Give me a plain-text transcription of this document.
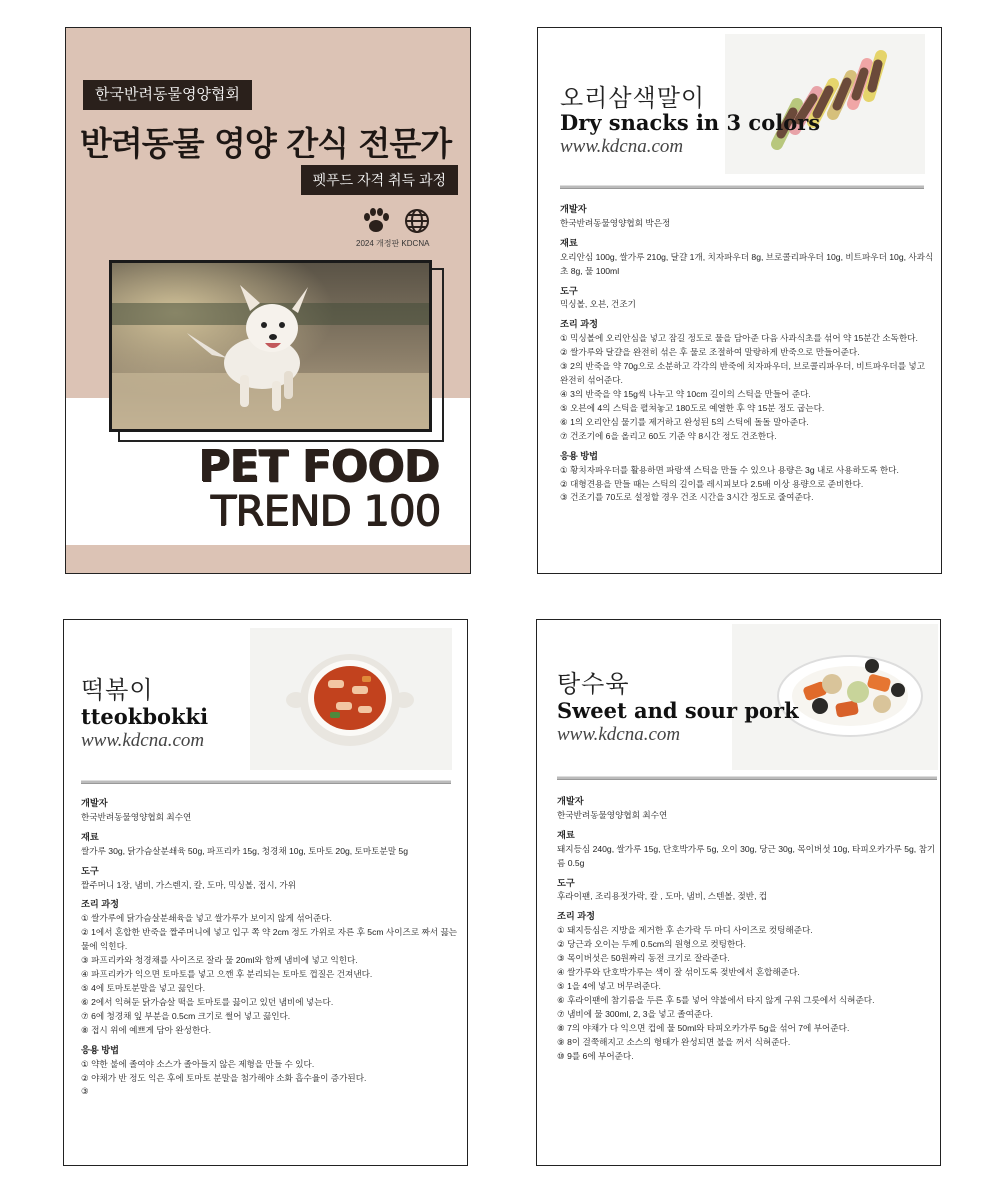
한국반려동물영양협회
반려동물 영양 간식 전문가
펫푸드 자격 취득 과정
2024 개정판 KDCNA
PET FOOD
TREND 100
오리삼색말이
Dry snacks in 3 colors
www.kdcna.com
개발자
한국반려동물영양협회 박은정
재료
오리안심 100g, 쌀가루 210g, 달걀 1개, 치자파우더 8g, 브로콜리파우더 10g, 비트파우더 10g, 사과식초 8g, 물 100ml
도구
믹싱볼, 오븐, 건조기
조리 과정
① 믹싱볼에 오리안심을 넣고 잠길 정도로 물을 담아준 다음 사과식초를 섞어 약 15분간 소독한다.
② 쌀가루와 달걀을 완전히 섞은 후 물로 조절하여 말랑하게 반죽으로 만들어준다.
③ 2의 반죽을 약 70g으로 소분하고 각각의 반죽에 치자파우더, 브로콜리파우더, 비트파우더를 넣고 완전히 섞어준다.
④ 3의 반죽을 약 15g씩 나누고 약 10cm 길이의 스틱을 만들어 준다.
⑤ 오븐에 4의 스틱을 펼쳐놓고 180도로 예열한 후 약 15분 정도 굽는다.
⑥ 1의 오리안심 물기를 제거하고 완성된 5의 스틱에 돌돌 말아준다.
⑦ 건조기에 6을 올리고 60도 기준 약 8시간 정도 건조한다.
응용 방법
① 황치자파우더를 활용하면 파랑색 스틱을 만들 수 있으나 용량은 3g 내로 사용하도록 한다.
② 대형견용을 만들 때는 스틱의 길이를 레시피보다 2.5배 이상 용량으로 준비한다.
③ 건조기를 70도로 설정할 경우 건조 시간을 3시간 정도로 줄여준다.
떡볶이
tteokbokki
www.kdcna.com
개발자
한국반려동물영양협회 최수연
재료
쌀가루 30g, 닭가슴살분쇄육 50g, 파프리카 15g, 청경채 10g, 토마토 20g, 토마토분말 5g
도구
짤주머니 1장, 냄비, 가스렌지, 칼, 도마, 믹싱볼, 접시, 가위
조리 과정
① 쌀가루에 닭가슴살분쇄육을 넣고 쌀가루가 보이지 않게 섞어준다.
② 1에서 혼합한 반죽을 짤주머니에 넣고 입구 쪽 약 2cm 정도 가위로 자른 후 5cm 사이즈로 짜서 끓는 물에 익힌다.
③ 파프리카와 청경채를 사이즈로 잘라 물 20ml와 함께 냄비에 넣고 익힌다.
④ 파프리카가 익으면 토마토를 넣고 으깬 후 분리되는 토마토 껍질은 건져낸다.
⑤ 4에 토마토분말을 넣고 끓인다.
⑥ 2에서 익혀둔 닭가슴살 떡을 토마토를 끓이고 있던 냄비에 넣는다.
⑦ 6에 청경채 잎 부분을 0.5cm 크기로 썰어 넣고 끓인다.
⑧ 접시 위에 예쁘게 담아 완성한다.
응용 방법
① 약한 불에 졸여야 소스가 졸아들지 않은 제형을 만들 수 있다.
② 야채가 반 정도 익은 후에 토마토 분말을 첨가해야 소화 흡수율이 증가된다.
③
탕수육
Sweet and sour pork
www.kdcna.com
개발자
한국반려동물영양협회 최수연
재료
돼지등심 240g, 쌀가루 15g, 단호박가루 5g, 오이 30g, 당근 30g, 목이버섯 10g, 타피오카가루 5g, 참기름 0.5g
도구
후라이팬, 조리용젓가락, 칼 , 도마, 냄비, 스텐볼, 젖반, 컵
조리 과정
① 돼지등심은 지방을 제거한 후 손가락 두 마디 사이즈로 컷팅해준다.
② 당근과 오이는 두께 0.5cm의 원형으로 컷팅한다.
③ 목이버섯은 50원짜리 동전 크기로 잘라준다.
④ 쌀가루와 단호박가루는 색이 잘 섞이도록 젖반에서 혼합해준다.
⑤ 1을 4에 넣고 버무려준다.
⑥ 후라이팬에 참기름을 두른 후 5를 넣어 약불에서 타지 않게 구워 그릇에서 식혀준다.
⑦ 냄비에 물 300ml, 2, 3을 넣고 졸여준다.
⑧ 7의 야채가 다 익으면 컵에 물 50ml와 타피오카가루 5g을 섞어 7에 부어준다.
⑨ 8이 걸쭉해지고 소스의 형태가 완성되면 불을 꺼서 식혀준다.
⑩ 9를 6에 부어준다.
